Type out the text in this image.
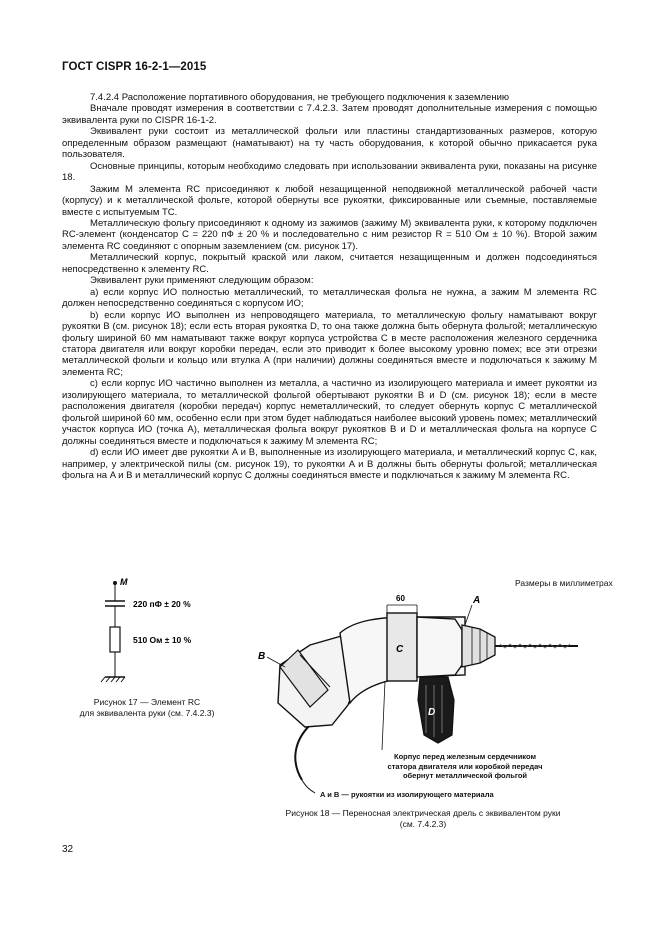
ГОСТ CISPR 16-2-1—2015

7.4.2.4 Расположение портативного оборудования, не требующего подключения к заземлению

Вначале проводят измерения в соответствии с 7.4.2.3. Затем проводят дополнительные измерения с помощью эквивалента руки по CISPR 16-1-2.

Эквивалент руки состоит из металлической фольги или пластины стандартизованных размеров, которую определенным образом размещают (наматывают) на ту часть оборудования, к которой обычно прикасается рука пользователя.

Основные принципы, которым необходимо следовать при использовании эквивалента руки, показаны на рисунке 18.

Зажим М элемента RC присоединяют к любой незащищенной неподвижной металлической рабочей части (корпусу) и к металлической фольге, которой обернуты все рукоятки, фиксированные или съемные, поставляемые вместе с испытуемым ТС.

Металлическую фольгу присоединяют к одному из зажимов (зажиму М) эквивалента руки, к которому подключен RC-элемент (конденсатор C = 220 пФ ± 20 % и последовательно с ним резистор R = 510 Ом ± 10 %). Второй зажим элемента RC соединяют с опорным заземлением (см. рисунок 17).

Металлический корпус, покрытый краской или лаком, считается незащищенным и должен подсоединяться непосредственно к элементу RC.

Эквивалент руки применяют следующим образом:

а) если корпус ИО полностью металлический, то металлическая фольга не нужна, а зажим М элемента RC должен непосредственно соединяться с корпусом ИО;

b) если корпус ИО выполнен из непроводящего материала, то металлическую фольгу наматывают вокруг рукоятки B (см. рисунок 18); если есть вторая рукоятка D, то она также должна быть обернута фольгой; металлическую фольгу шириной 60 мм наматывают также вокруг корпуса устройства C в месте расположения железного сердечника статора двигателя или вокруг коробки передач, если это приводит к более высокому уровню помех; все эти отрезки металлической фольги и кольцо или втулка A (при наличии) должны соединяться вместе и подключаться к зажиму М элемента RC;

c) если корпус ИО частично выполнен из металла, а частично из изолирующего материала и имеет рукоятки из изолирующего материала, то металлической фольгой обертывают рукоятки B и D (см. рисунок 18); если в месте расположения двигателя (коробки передач) корпус неметаллический, то следует обернуть корпус C металлической фольгой шириной 60 мм, особенно если при этом будет наблюдаться наиболее высокий уровень помех; металлический участок корпуса ИО (точка A), металлическая фольга вокруг рукоятков B и D и металлическая фольга на корпусе C должны соединяться вместе и подключаться к зажиму М элемента RC;

d) если ИО имеет две рукоятки A и B, выполненные из изолирующего материала, и металлический корпус C, как, например, у электрической пилы (см. рисунок 19), то рукоятки A и B должны быть обернуты фольгой; металлическая фольга на A и B и металлический корпус C должны соединяться вместе и подключаться к зажиму М элемента RC.

M
220 пФ ± 20 %
510 Ом ± 10 %
Рисунок 17 — Элемент RC
для эквивалента руки (см. 7.4.2.3)
Размеры в миллиметрах
60	A
B
C
D
Корпус перед железным сердечником
статора двигателя или коробкой передач
обернут металлической фольгой
A и B — рукоятки из изолирующего материала
Рисунок 18 — Переносная электрическая дрель с эквивалентом руки
(см. 7.4.2.3)
32
